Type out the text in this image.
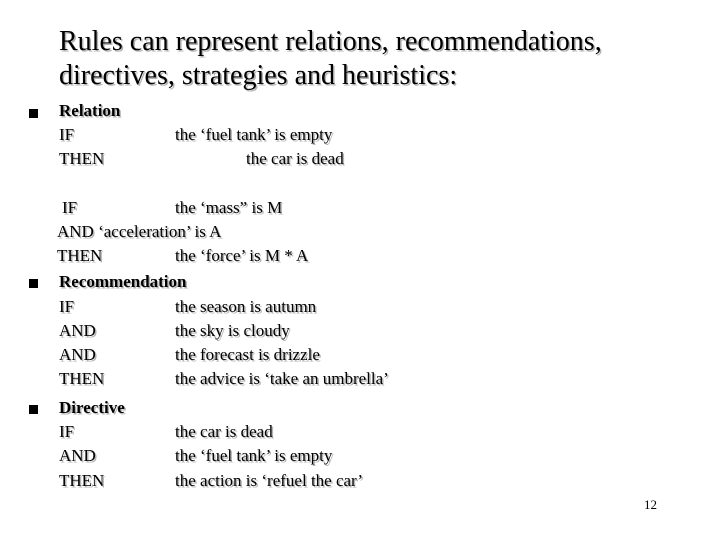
Rules can represent relations, recommendations,
directives, strategies and heuristics:
Relation
IF	the ‘fuel tank’ is empty
THEN	the car is dead
IF	the ‘mass” is M
AND ‘acceleration’ is A
THEN	the ‘force’ is M * A
Recommendation
IF	the season is autumn
AND	the sky is cloudy
AND	the forecast is drizzle
THEN	the advice is ‘take an umbrella’
Directive
IF	the car is dead
AND	the ‘fuel tank’ is empty
THEN	the action is ‘refuel the car’
12
